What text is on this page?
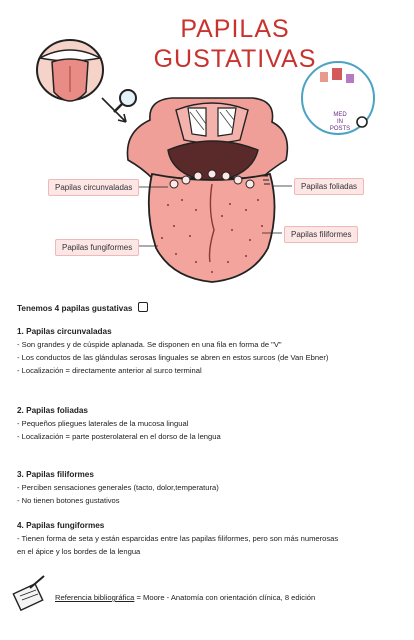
PAPILAS
GUSTATIVAS
MED
IN
POSTS
Papilas circunvaladas	Papilas foliadas
Papilas filiformes
Papilas fungiformes
Tenemos 4 papilas gustativas
1. Papilas circunvaladas
- Son grandes y de cúspide aplanada. Se disponen en una fila en forma de "V"
- Los conductos de las glándulas serosas linguales se abren en estos surcos (de Van Ebner)
- Localización = directamente anterior al surco terminal
2. Papilas foliadas
- Pequeños pliegues laterales de la mucosa lingual
- Localización = parte posterolateral en el dorso de la lengua
3. Papilas filiformes
- Perciben sensaciones generales (tacto, dolor,temperatura)
- No tienen botones gustativos
4. Papilas fungiformes
- Tienen forma de seta y están esparcidas entre las papilas filiformes, pero son más numerosas
en el ápice y los bordes de la lengua
Referencia bibliográfica = Moore - Anatomía con orientación clínica, 8 edición
